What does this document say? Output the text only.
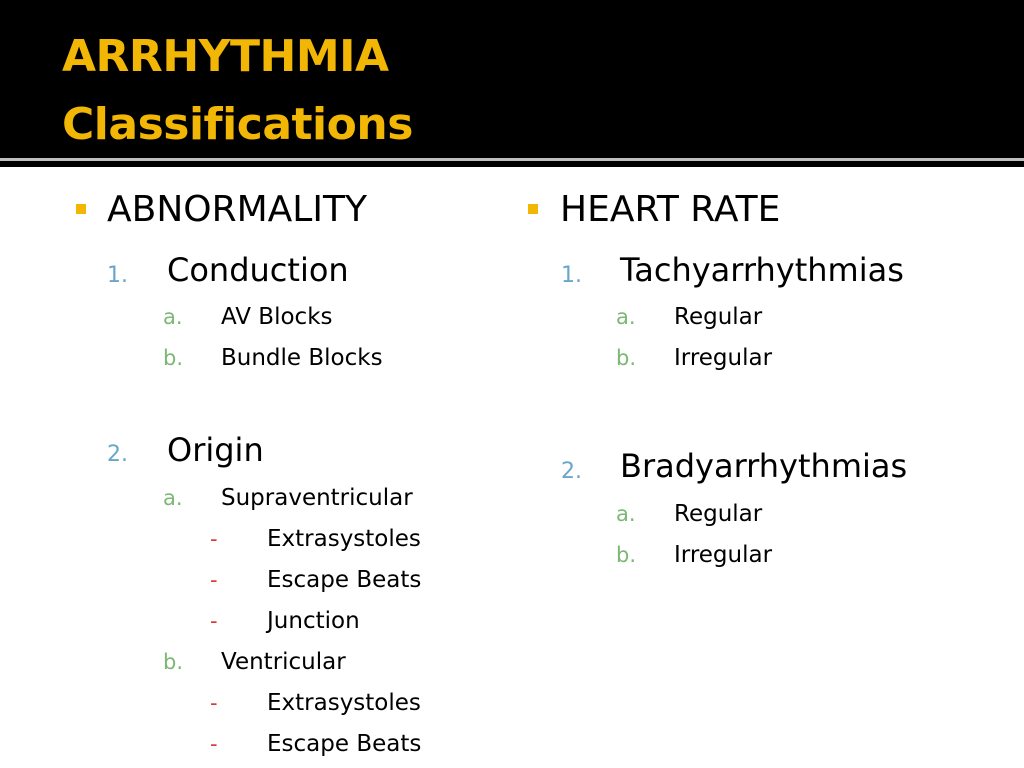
ARRHYTHMIA
Classifications
ABNORMALITY
1. Conduction
a. AV Blocks
b. Bundle Blocks
2. Origin
a. Supraventricular
- Extrasystoles
- Escape Beats
- Junction
b. Ventricular
- Extrasystoles
- Escape Beats
HEART RATE
1. Tachyarrhythmias
a. Regular
b. Irregular
2. Bradyarrhythmias
a. Regular
b. Irregular
